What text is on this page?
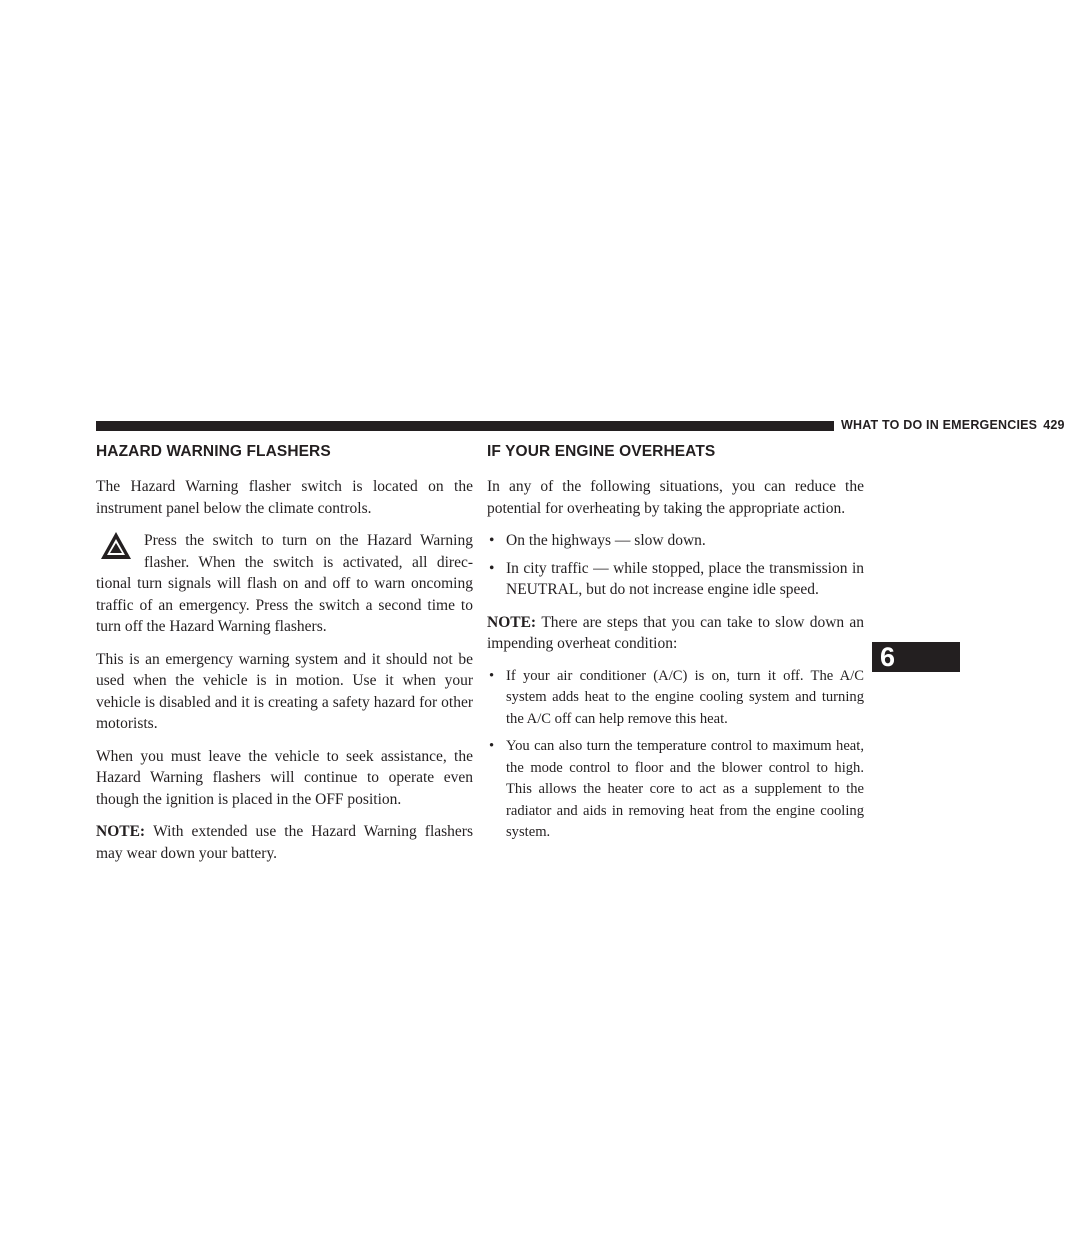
WHAT TO DO IN EMERGENCIES 429
6
HAZARD WARNING FLASHERS

The Hazard Warning flasher switch is located on the instrument panel below the climate controls.

Press the switch to turn on the Hazard Warning
flasher. When the switch is activated, all direc-
tional turn signals will flash on and off to warn oncoming traffic of an emergency. Press the switch a second time to turn off the Hazard Warning flashers.

This is an emergency warning system and it should not be used when the vehicle is in motion. Use it when your vehicle is disabled and it is creating a safety hazard for other motorists.

When you must leave the vehicle to seek assistance, the Hazard Warning flashers will continue to operate even though the ignition is placed in the OFF position.

NOTE: With extended use the Hazard Warning flashers may wear down your battery.

IF YOUR ENGINE OVERHEATS

In any of the following situations, you can reduce the potential for overheating by taking the appropriate action.

• On the highways — slow down.
• In city traffic — while stopped, place the transmission in NEUTRAL, but do not increase engine idle speed.

NOTE: There are steps that you can take to slow down an impending overheat condition:

• If your air conditioner (A/C) is on, turn it off. The A/C system adds heat to the engine cooling system and turning the A/C off can help remove this heat.
• You can also turn the temperature control to maximum heat, the mode control to floor and the blower control to high. This allows the heater core to act as a supplement to the radiator and aids in removing heat from the engine cooling system.
